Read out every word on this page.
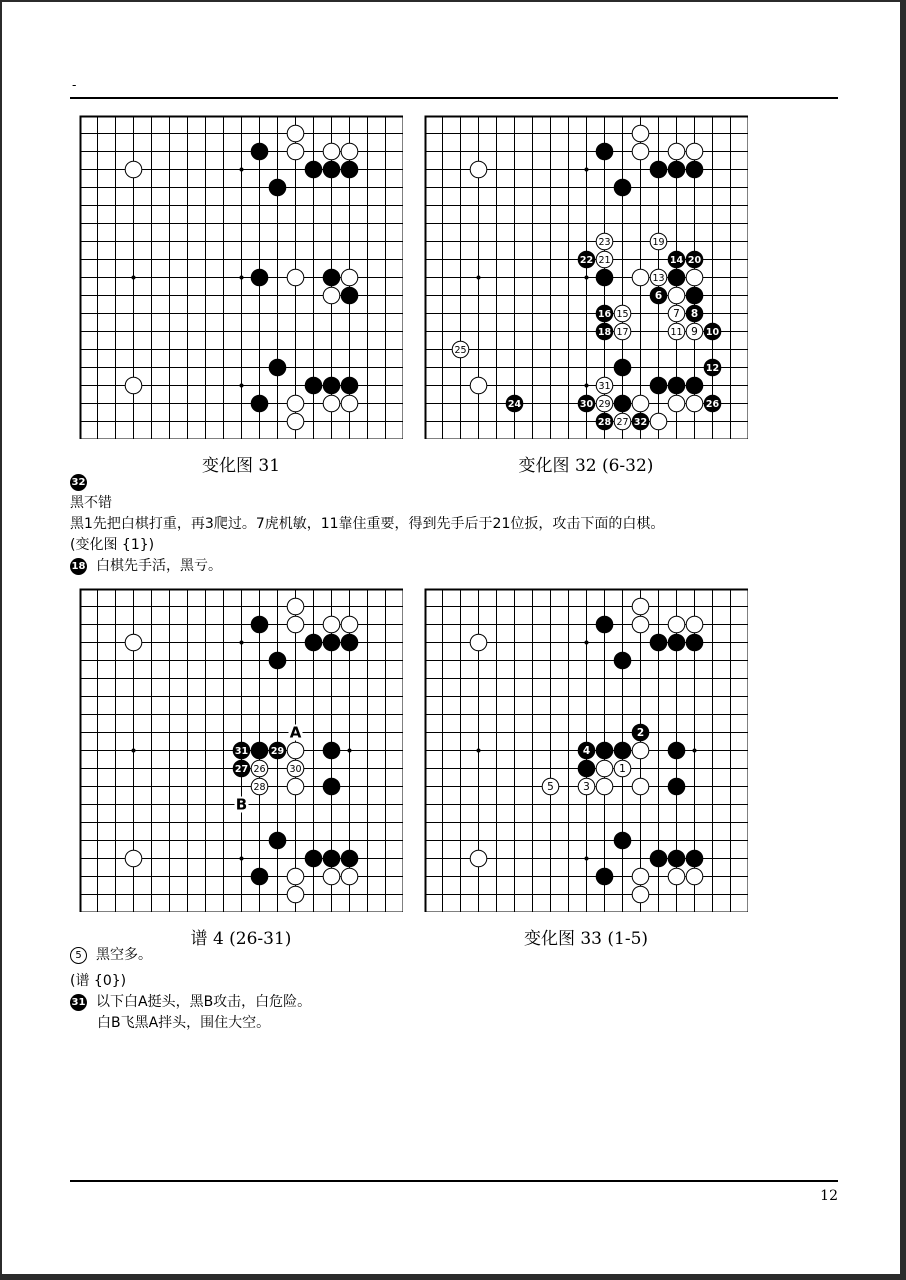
-
23	19
22 21	14 20
13
6
16 15	7 8
18 17	11 9 10
25
12
31
24	30 29	26
28 27 32
变化图 31	变化图 32 (6-32)
32
黑不错
黑1先把白棋打重，再3爬过。7虎机敏，11靠住重要，得到先手后于21位扳，攻击下面的白棋。
(变化图 {1})
18 白棋先手活，黑亏。
31 29
27 26	30
28
A
B
2
4
1
5	3
谱 4 (26-31)	变化图 33 (1-5)
5	黑空多。
(谱 {0})
31 以下白A挺头，黑B攻击，白危险。
白B飞黑A拌头，围住大空。
12
